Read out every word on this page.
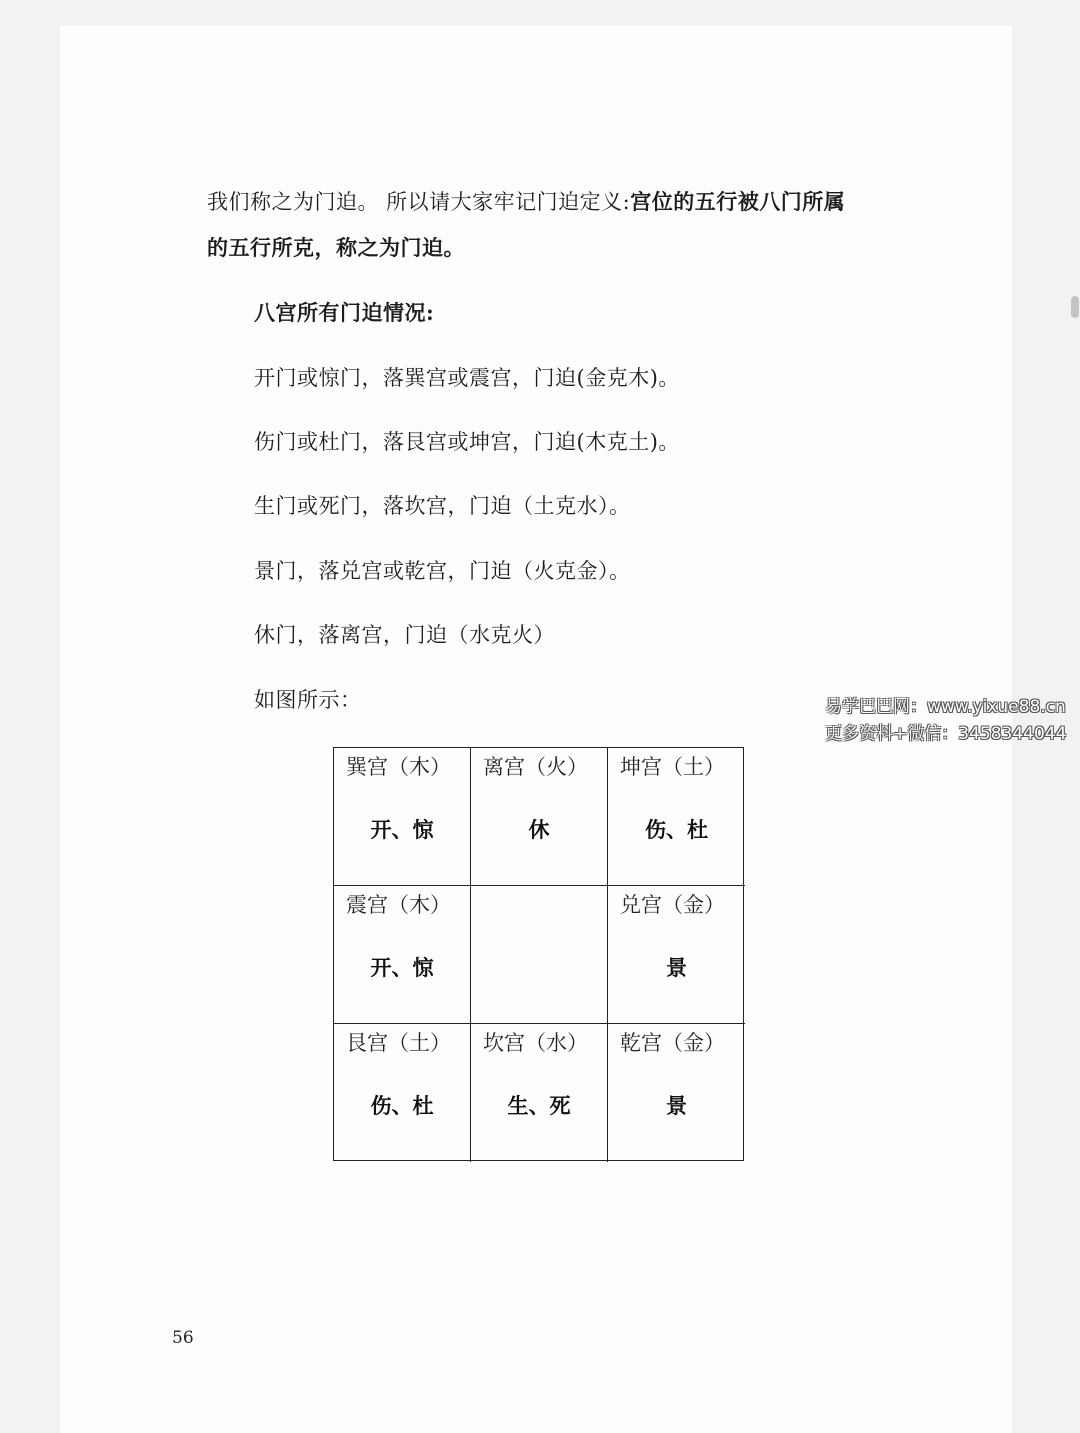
我们称之为门迫。 所以请大家牢记门迫定义:宫位的五行被八门所属
的五行所克，称之为门迫。
八宫所有门迫情况:
开门或惊门，落巽宫或震宫，门迫(金克木)。
伤门或杜门，落艮宫或坤宫，门迫(木克土)。
生门或死门，落坎宫，门迫（土克水）。
景门，落兑宫或乾宫，门迫（火克金）。
休门，落离宫，门迫（水克火）
如图所示：
巽宫（木）
开、惊
离宫（火）
休
坤宫（土）
伤、杜
震宫（木）
开、惊
兑宫（金）
景
艮宫（土）
伤、杜
坎宫（水）
生、死
乾宫（金）
景
56
易学巴巴网：www.yixue88.cn
更多资料+微信：3458344044
